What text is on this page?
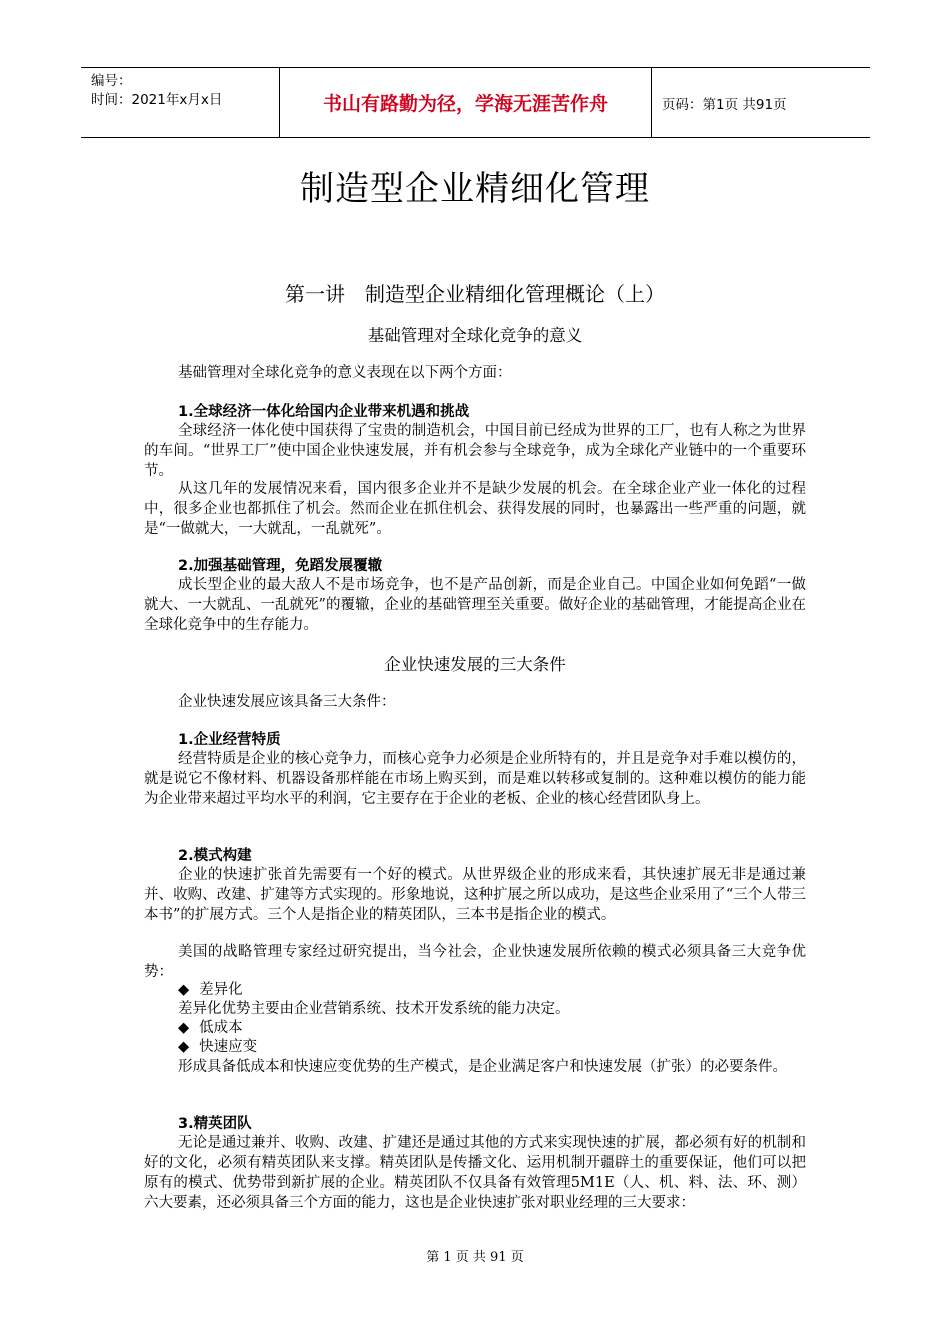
编号：
时间：2021年x月x日	书山有路勤为径，学海无涯苦作舟	页码：第1页 共91页
制造型企业精细化管理
第一讲　制造型企业精细化管理概论（上）
基础管理对全球化竞争的意义
基础管理对全球化竞争的意义表现在以下两个方面：
1.全球经济一体化给国内企业带来机遇和挑战
全球经济一体化使中国获得了宝贵的制造机会，中国目前已经成为世界的工厂，也有人称之为世界的车间。“世界工厂”使中国企业快速发展，并有机会参与全球竞争，成为全球化产业链中的一个重要环节。
从这几年的发展情况来看，国内很多企业并不是缺少发展的机会。在全球企业产业一体化的过程中，很多企业也都抓住了机会。然而企业在抓住机会、获得发展的同时，也暴露出一些严重的问题，就是“一做就大，一大就乱，一乱就死”。
2.加强基础管理，免蹈发展覆辙
成长型企业的最大敌人不是市场竞争，也不是产品创新，而是企业自己。中国企业如何免蹈“一做就大、一大就乱、一乱就死”的覆辙，企业的基础管理至关重要。做好企业的基础管理，才能提高企业在全球化竞争中的生存能力。
企业快速发展的三大条件
企业快速发展应该具备三大条件：
1.企业经营特质
经营特质是企业的核心竞争力，而核心竞争力必须是企业所特有的，并且是竞争对手难以模仿的，就是说它不像材料、机器设备那样能在市场上购买到，而是难以转移或复制的。这种难以模仿的能力能为企业带来超过平均水平的利润，它主要存在于企业的老板、企业的核心经营团队身上。
2.模式构建
企业的快速扩张首先需要有一个好的模式。从世界级企业的形成来看，其快速扩展无非是通过兼并、收购、改建、扩建等方式实现的。形象地说，这种扩展之所以成功，是这些企业采用了“三个人带三本书”的扩展方式。三个人是指企业的精英团队，三本书是指企业的模式。
美国的战略管理专家经过研究提出，当今社会，企业快速发展所依赖的模式必须具备三大竞争优势：
◆ 差异化
差异化优势主要由企业营销系统、技术开发系统的能力决定。
◆ 低成本
◆ 快速应变
形成具备低成本和快速应变优势的生产模式，是企业满足客户和快速发展（扩张）的必要条件。
3.精英团队
无论是通过兼并、收购、改建、扩建还是通过其他的方式来实现快速的扩展，都必须有好的机制和好的文化，必须有精英团队来支撑。精英团队是传播文化、运用机制开疆辟土的重要保证，他们可以把原有的模式、优势带到新扩展的企业。精英团队不仅具备有效管理5M1E（人、机、料、法、环、测）六大要素，还必须具备三个方面的能力，这也是企业快速扩张对职业经理的三大要求：
第 1 页 共 91 页
